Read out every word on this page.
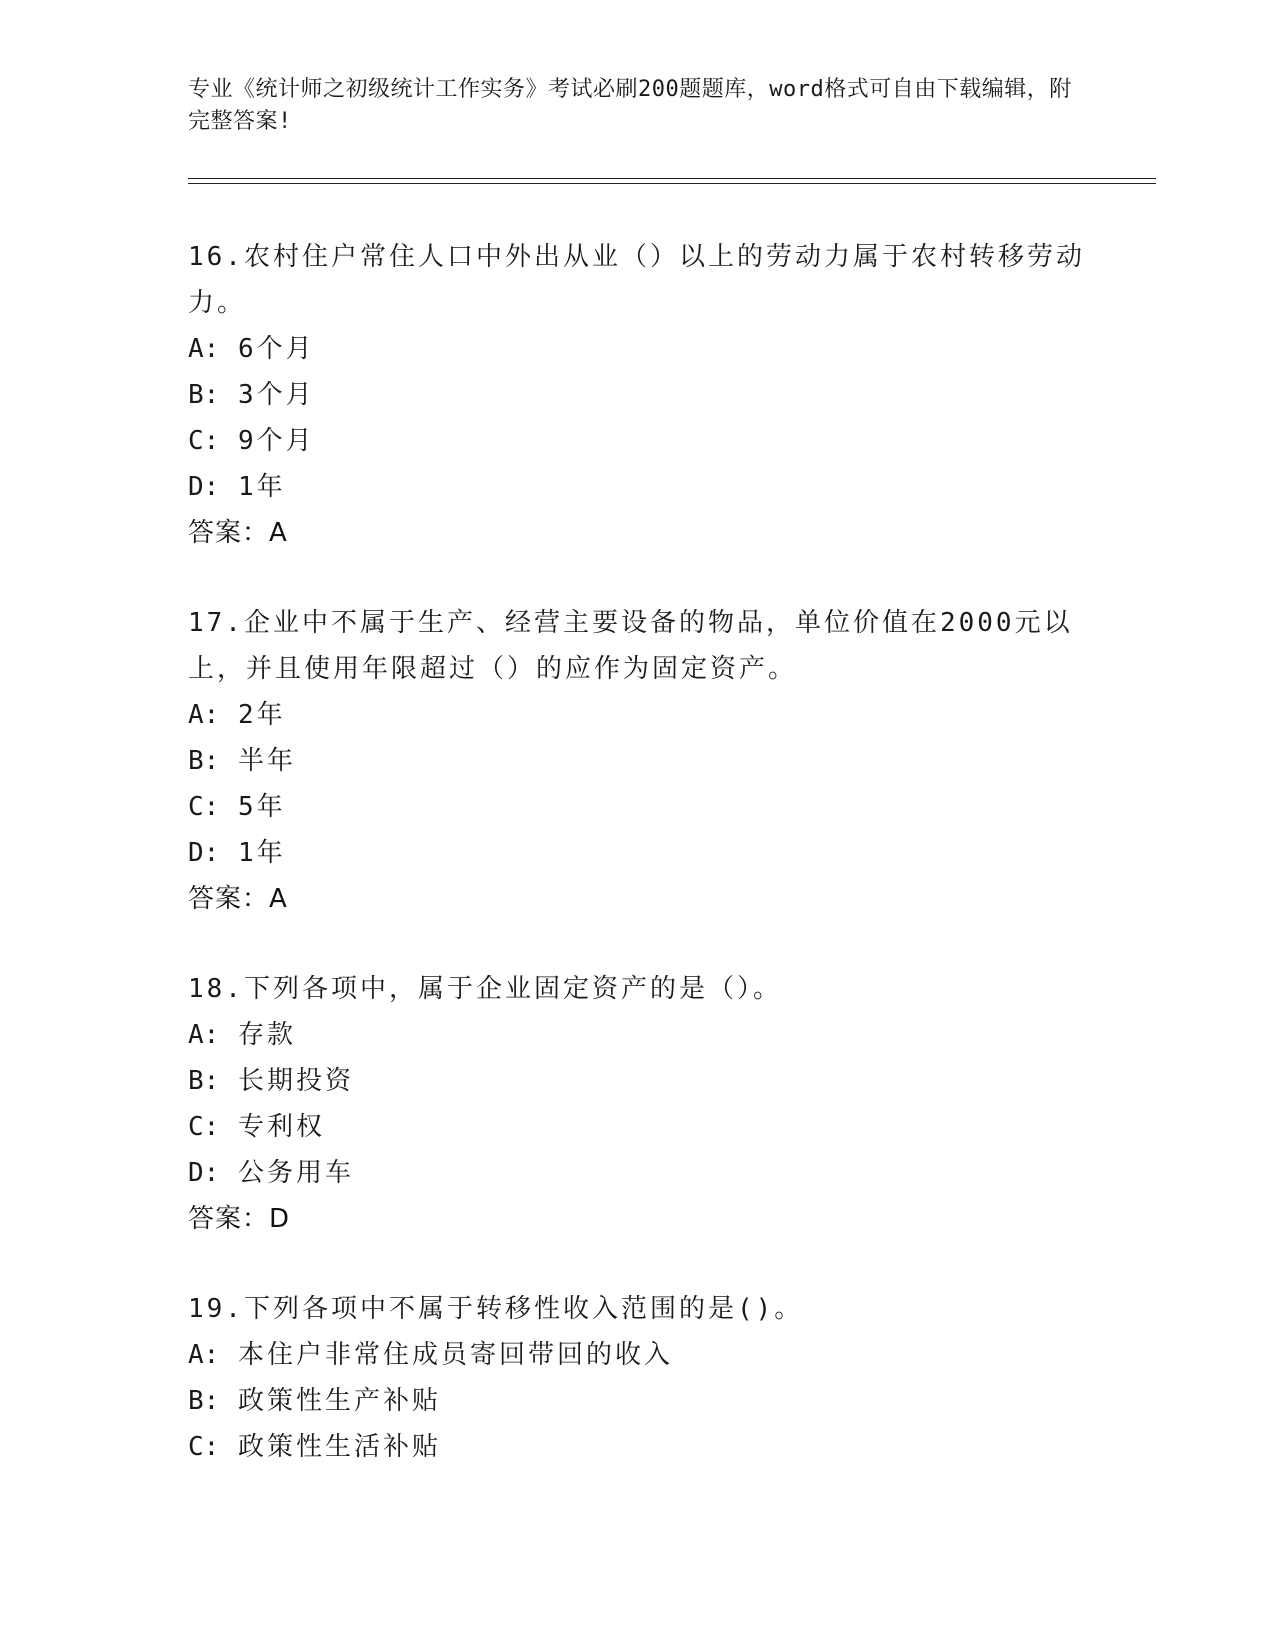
专业《统计师之初级统计工作实务》考试必刷200题题库，word格式可自由下载编辑，附完整答案!
16.农村住户常住人口中外出从业（）以上的劳动力属于农村转移劳动力。
A: 6个月
B: 3个月
C: 9个月
D: 1年
答案：A
17.企业中不属于生产、经营主要设备的物品，单位价值在2000元以上，并且使用年限超过（）的应作为固定资产。
A: 2年
B: 半年
C: 5年
D: 1年
答案：A
18.下列各项中，属于企业固定资产的是（）。
A: 存款
B: 长期投资
C: 专利权
D: 公务用车
答案：D
19.下列各项中不属于转移性收入范围的是()。
A: 本住户非常住成员寄回带回的收入
B: 政策性生产补贴
C: 政策性生活补贴
